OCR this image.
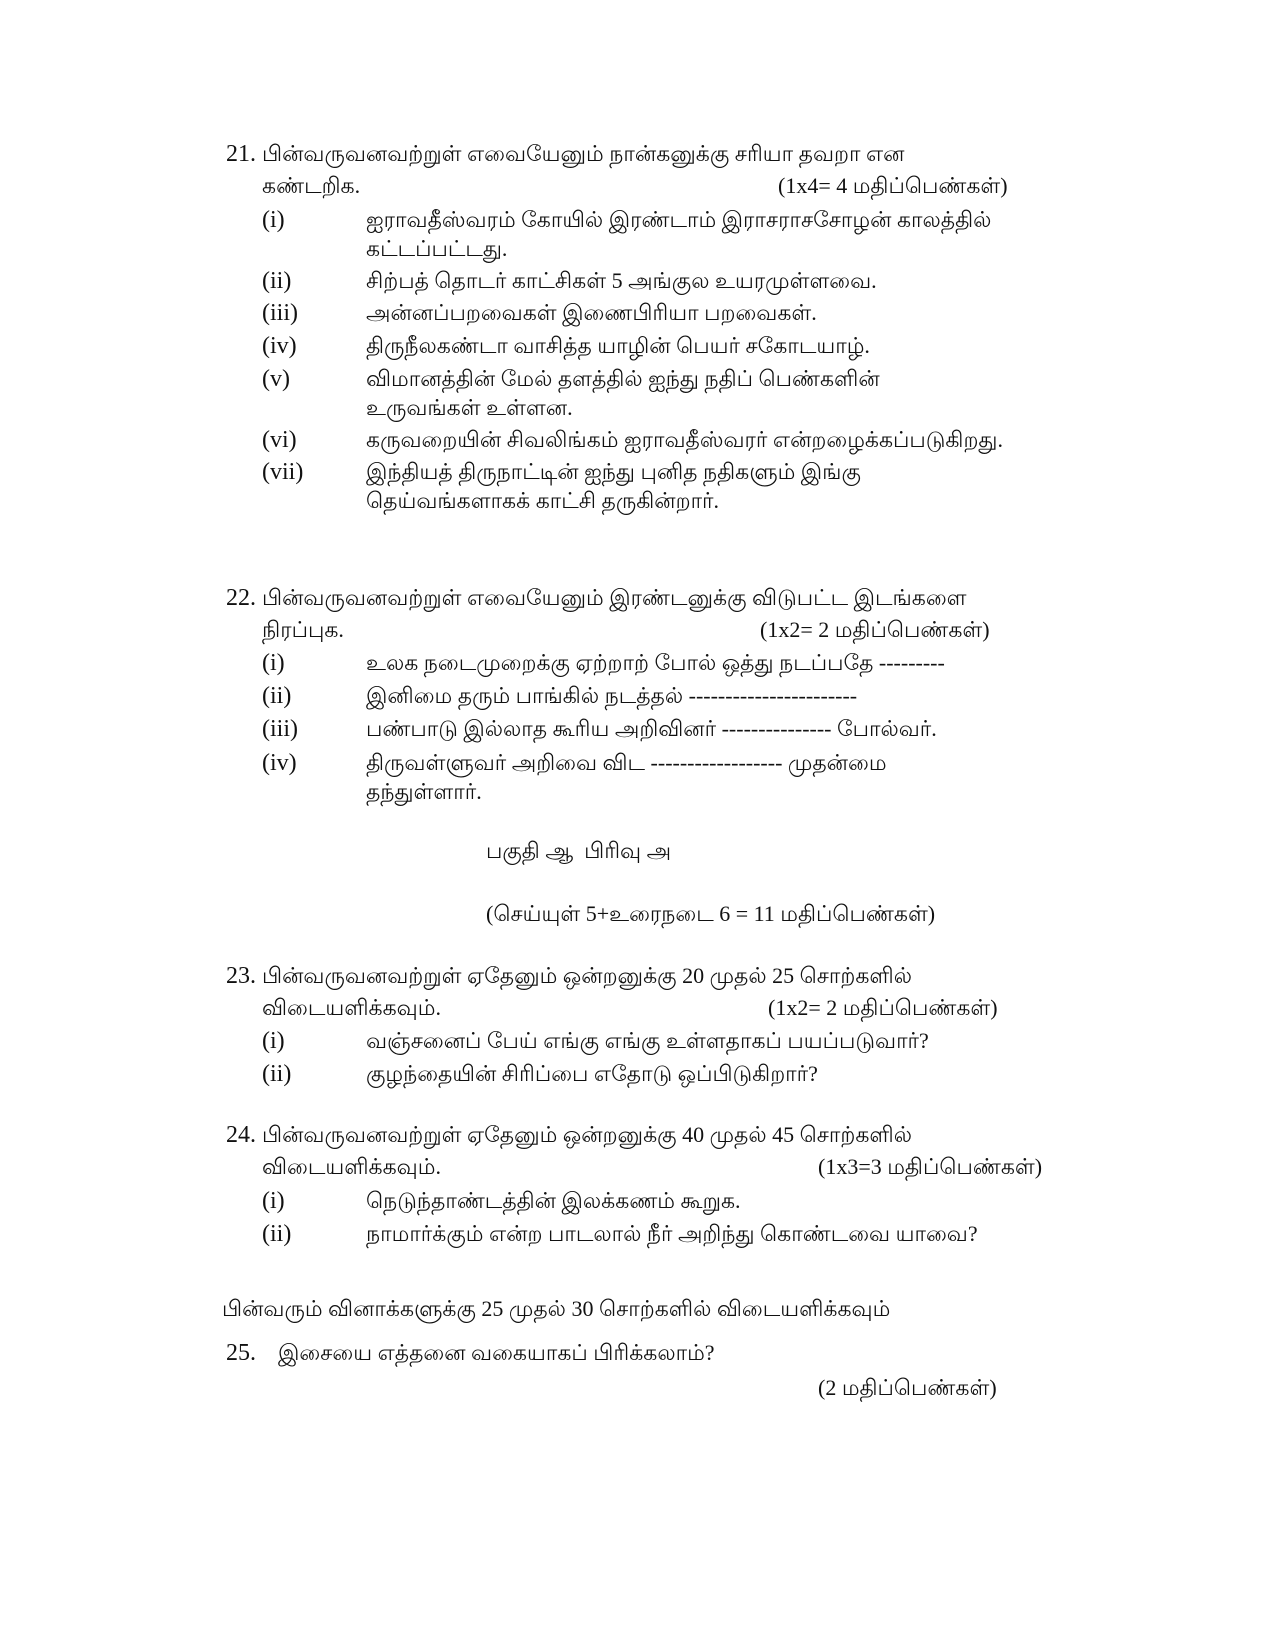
21. பின்வருவனவற்றுள் எவையேனும் நான்கனுக்கு சரியா தவறா என
கண்டறிக.	(1x4= 4 மதிப்பெண்கள்)
(i)	ஐராவதீஸ்வரம் கோயில் இரண்டாம் இராசராசசோழன் காலத்தில்
கட்டப்பட்டது.
(ii)	சிற்பத் தொடர் காட்சிகள் 5 அங்குல உயரமுள்ளவை.
(iii)	அன்னப்பறவைகள் இணைபிரியா பறவைகள்.
(iv)	திருநீலகண்டா வாசித்த யாழின் பெயர் சகோடயாழ்.
(v)	விமானத்தின் மேல் தளத்தில் ஐந்து நதிப் பெண்களின்
உருவங்கள் உள்ளன.
(vi)	கருவறையின் சிவலிங்கம் ஐராவதீஸ்வரர் என்றழைக்கப்படுகிறது.
(vii)	இந்தியத் திருநாட்டின் ஐந்து புனித நதிகளும் இங்கு
தெய்வங்களாகக் காட்சி தருகின்றார்.
22. பின்வருவனவற்றுள் எவையேனும் இரண்டனுக்கு விடுபட்ட இடங்களை
நிரப்புக.	(1x2= 2 மதிப்பெண்கள்)
(i)	உலக நடைமுறைக்கு ஏற்றாற் போல் ஒத்து நடப்பதே ---------
(ii)	இனிமை தரும் பாங்கில் நடத்தல் -----------------------
(iii)	பண்பாடு இல்லாத கூரிய அறிவினர் --------------- போல்வர்.
(iv)	திருவள்ளுவர் அறிவை விட ------------------ முதன்மை
தந்துள்ளார்.
பகுதி ஆ  பிரிவு அ
(செய்யுள் 5+உரைநடை 6 = 11 மதிப்பெண்கள்)
23. பின்வருவனவற்றுள் ஏதேனும் ஒன்றனுக்கு 20 முதல் 25 சொற்களில்
விடையளிக்கவும்.	(1x2= 2 மதிப்பெண்கள்)
(i)	வஞ்சனைப் பேய் எங்கு எங்கு உள்ளதாகப் பயப்படுவார்?
(ii)	குழந்தையின் சிரிப்பை எதோடு ஒப்பிடுகிறார்?
24. பின்வருவனவற்றுள் ஏதேனும் ஒன்றனுக்கு 40 முதல் 45 சொற்களில்
விடையளிக்கவும்.	(1x3=3 மதிப்பெண்கள்)
(i)	நெடுந்தாண்டத்தின் இலக்கணம் கூறுக.
(ii)	நாமார்க்கும் என்ற பாடலால் நீர் அறிந்து கொண்டவை யாவை?
பின்வரும் வினாக்களுக்கு 25 முதல் 30 சொற்களில் விடையளிக்கவும்
25. இசையை எத்தனை வகையாகப் பிரிக்கலாம்?
(2 மதிப்பெண்கள்)
